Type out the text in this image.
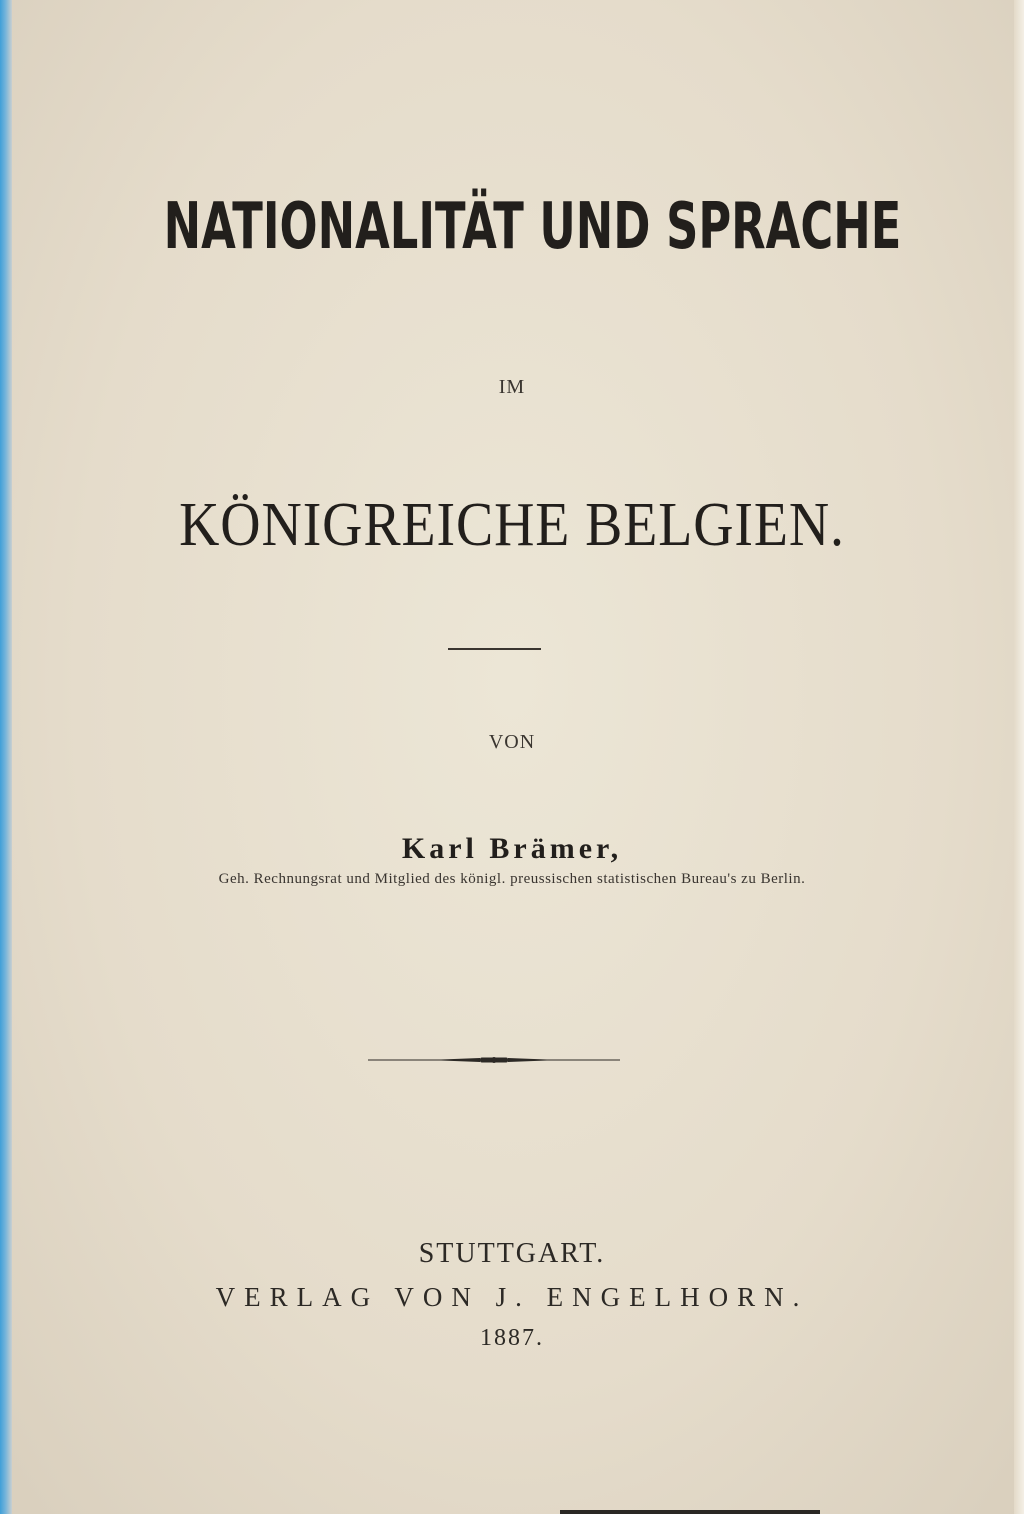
NATIONALITÄT UND SPRACHE
IM
KÖNIGREICHE BELGIEN.
VON
Karl Brämer,
Geh. Rechnungsrat und Mitglied des königl. preussischen statistischen Bureau's zu Berlin.
STUTTGART.
VERLAG VON J. ENGELHORN.
1887.
